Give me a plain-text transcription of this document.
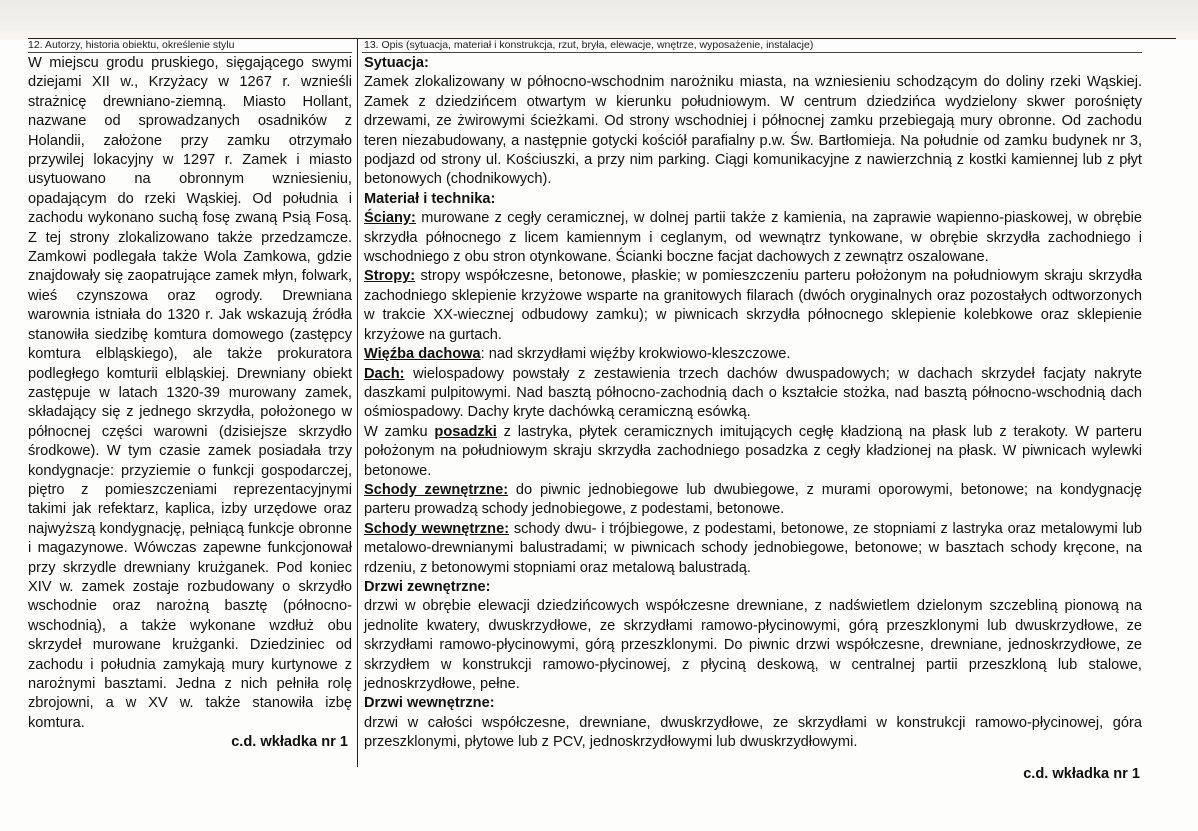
12. Autorzy, historia obiektu, określenie stylu
W miejscu grodu pruskiego, sięgającego swymi dziejami XII w., Krzyżacy w 1267 r. wznieśli strażnicę drewniano-ziemną. Miasto Hollant, nazwane od sprowadzanych osadników z Holandii, założone przy zamku otrzymało przywilej lokacyjny w 1297 r. Zamek i miasto usytuowano na obronnym wzniesieniu, opadającym do rzeki Wąskiej. Od południa i zachodu wykonano suchą fosę zwaną Psią Fosą. Z tej strony zlokalizowano także przedzamcze. Zamkowi podlegała także Wola Zamkowa, gdzie znajdowały się zaopatrujące zamek młyn, folwark, wieś czynszowa oraz ogrody. Drewniana warownia istniała do 1320 r. Jak wskazują źródła stanowiła siedzibę komtura domowego (zastępcy komtura elbląskiego), ale także prokuratora podległego komturii elbląskiej. Drewniany obiekt zastępuje w latach 1320-39 murowany zamek, składający się z jednego skrzydła, położonego w północnej części warowni (dzisiejsze skrzydło środkowe). W tym czasie zamek posiadała trzy kondygnacje: przyziemie o funkcji gospodarczej, piętro z pomieszczeniami reprezentacyjnymi takimi jak refektarz, kaplica, izby urzędowe oraz najwyższą kondygnację, pełniącą funkcje obronne i magazynowe. Wówczas zapewne funkcjonował przy skrzydle drewniany krużganek. Pod koniec XIV w. zamek zostaje rozbudowany o skrzydło wschodnie oraz narożną basztę (północno-wschodnią), a także wykonane wzdłuż obu skrzydeł murowane krużganki. Dziedziniec od zachodu i południa zamykają mury kurtynowe z narożnymi basztami. Jedna z nich pełniła rolę zbrojowni, a w XV w. także stanowiła izbę komtura.
c.d. wkładka nr 1
13. Opis (sytuacja, materiał i konstrukcja, rzut, bryła, elewacje, wnętrze, wyposażenie, instalacje)

Sytuacja:

Zamek zlokalizowany w północno-wschodnim narożniku miasta, na wzniesieniu schodzącym do doliny rzeki Wąskiej. Zamek z dziedzińcem otwartym w kierunku południowym. W centrum dziedzińca wydzielony skwer porośnięty drzewami, ze żwirowymi ścieżkami. Od strony wschodniej i północnej zamku przebiegają mury obronne. Od zachodu teren niezabudowany, a następnie gotycki kościół parafialny p.w. Św. Bartłomieja. Na południe od zamku budynek nr 3, podjazd od strony ul. Kościuszki, a przy nim parking. Ciągi komunikacyjne z nawierzchnią z kostki kamiennej lub z płyt betonowych (chodnikowych).

Materiał i technika:

Ściany: murowane z cegły ceramicznej, w dolnej partii także z kamienia, na zaprawie wapienno-piaskowej, w obrębie skrzydła północnego z licem kamiennym i ceglanym, od wewnątrz tynkowane, w obrębie skrzydła zachodniego i wschodniego z obu stron otynkowane. Ścianki boczne facjat dachowych z zewnątrz oszalowane.

Stropy: stropy współczesne, betonowe, płaskie; w pomieszczeniu parteru położonym na południowym skraju skrzydła zachodniego sklepienie krzyżowe wsparte na granitowych filarach (dwóch oryginalnych oraz pozostałych odtworzonych w trakcie XX-wiecznej odbudowy zamku); w piwnicach skrzydła północnego sklepienie kolebkowe oraz sklepienie krzyżowe na gurtach.

Więźba dachowa: nad skrzydłami więźby krokwiowo-kleszczowe.

Dach: wielospadowy powstały z zestawienia trzech dachów dwuspadowych; w dachach skrzydeł facjaty nakryte daszkami pulpitowymi. Nad basztą północno-zachodnią dach o kształcie stożka, nad basztą północno-wschodnią dach ośmiospadowy. Dachy kryte dachówką ceramiczną esówką.

W zamku posadzki z lastryka, płytek ceramicznych imitujących cegłę kładzioną na płask lub z terakoty. W parteru położonym na południowym skraju skrzydła zachodniego posadzka z cegły kładzionej na płask. W piwnicach wylewki betonowe.

Schody zewnętrzne: do piwnic jednobiegowe lub dwubiegowe, z murami oporowymi, betonowe; na kondygnację parteru prowadzą schody jednobiegowe, z podestami, betonowe.

Schody wewnętrzne: schody dwu- i trójbiegowe, z podestami, betonowe, ze stopniami z lastryka oraz metalowymi lub metalowo-drewnianymi balustradami; w piwnicach schody jednobiegowe, betonowe; w basztach schody kręcone, na rdzeniu, z betonowymi stopniami oraz metalową balustradą.

Drzwi zewnętrzne:

drzwi w obrębie elewacji dziedzińcowych współczesne drewniane, z nadświetlem dzielonym szczebliną pionową na jednolite kwatery, dwuskrzydłowe, ze skrzydłami ramowo-płycinowymi, górą przeszklonymi lub dwuskrzydłowe, ze skrzydłami ramowo-płycinowymi, górą przeszklonymi. Do piwnic drzwi współczesne, drewniane, jednoskrzydłowe, ze skrzydłem w konstrukcji ramowo-płycinowej, z płyciną deskową, w centralnej partii przeszkloną lub stalowe, jednoskrzydłowe, pełne.

Drzwi wewnętrzne:

drzwi w całości współczesne, drewniane, dwuskrzydłowe, ze skrzydłami w konstrukcji ramowo-płycinowej, góra przeszklonymi, płytowe lub z PCV, jednoskrzydłowymi lub dwuskrzydłowymi.

c.d. wkładka nr 1
